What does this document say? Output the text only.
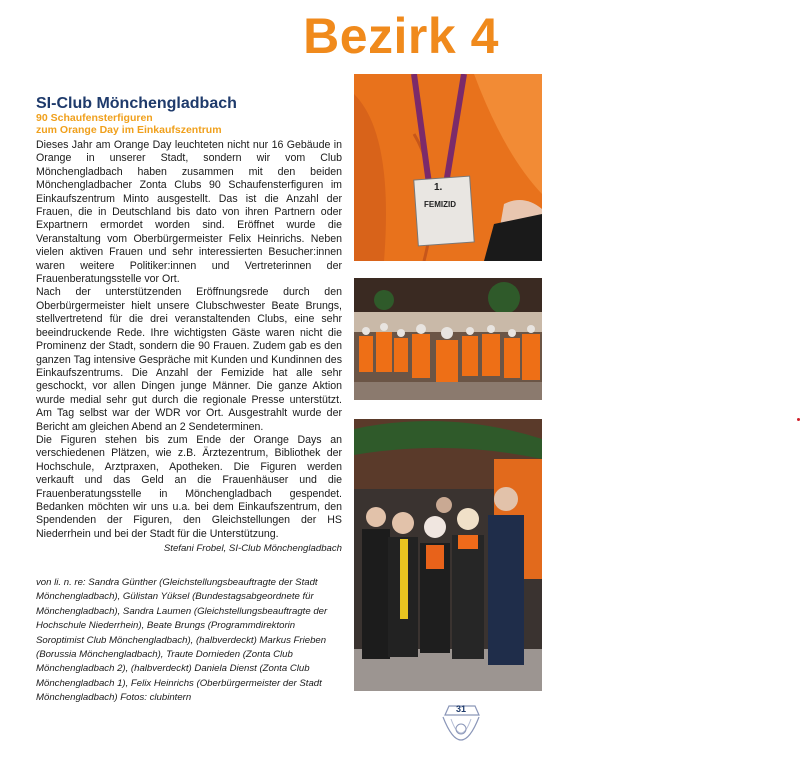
Bezirk 4
SI-Club Mönchengladbach
90 Schaufensterfiguren
zum Orange Day im Einkaufszentrum

Dieses Jahr am Orange Day leuchteten nicht nur 16 Gebäude in Orange in unserer Stadt, sondern wir vom Club Mönchengladbach haben zusammen mit den beiden Mönchengladbacher Zonta Clubs 90 Schaufensterfiguren im Einkaufszentrum Minto ausgestellt. Das ist die Anzahl der Frauen, die in Deutschland bis dato von ihren Partnern oder Expartnern ermordet worden sind. Eröffnet wurde die Veranstaltung vom Oberbürgermeister Felix Heinrichs. Neben vielen aktiven Frauen und sehr interessierten Besucher:innen waren weitere Politiker:innen und Vertreterinnen der Frauenberatungsstelle vor Ort.

Nach der unterstützenden Eröffnungsrede durch den Oberbürgermeister hielt unsere Clubschwester Beate Brungs, stellvertretend für die drei veranstaltenden Clubs, eine sehr beeindruckende Rede. Ihre wichtigsten Gäste waren nicht die Prominenz der Stadt, sondern die 90 Frauen. Zudem gab es den ganzen Tag intensive Gespräche mit Kunden und Kundinnen des Einkaufszentrums. Die Anzahl der Femizide hat alle sehr geschockt, vor allen Dingen junge Männer. Die ganze Aktion wurde medial sehr gut durch die regionale Presse unterstützt. Am Tag selbst war der WDR vor Ort. Ausgestrahlt wurde der Bericht am gleichen Abend an 2 Sendeterminen.

Die Figuren stehen bis zum Ende der Orange Days an verschiedenen Plätzen, wie z.B. Ärztezentrum, Bibliothek der Hochschule, Arztpraxen, Apotheken. Die Figuren werden verkauft und das Geld an die Frauenhäuser und die Frauenberatungsstelle in Mönchengladbach gespendet. Bedanken möchten wir uns u.a. bei dem Einkaufszentrum, den Spendenden der Figuren, den Gleichstellungen der HS Niederrhein und bei der Stadt für die Unterstützung.

Stefani Frobel, SI-Club Mönchengladbach
von li. n. re: Sandra Günther (Gleichstellungsbeauftragte der Stadt Mönchengladbach), Gülistan Yüksel (Bundestagsabgeordnete für Mönchengladbach), Sandra Laumen (Gleichstellungsbeauftragte der Hochschule Niederrhein), Beate Brungs (Programmdirektorin Soroptimist Club Mönchengladbach), (halbverdeckt) Markus Frieben (Borussia Mönchengladbach), Traute Dornieden (Zonta Club Mönchengladbach 2), (halbverdeckt) Daniela Dienst (Zonta Club Mönchengladbach 1), Felix Heinrichs (Oberbürgermeister der Stadt Mönchengladbach) Fotos: clubintern
1.
FEMIZID
31
